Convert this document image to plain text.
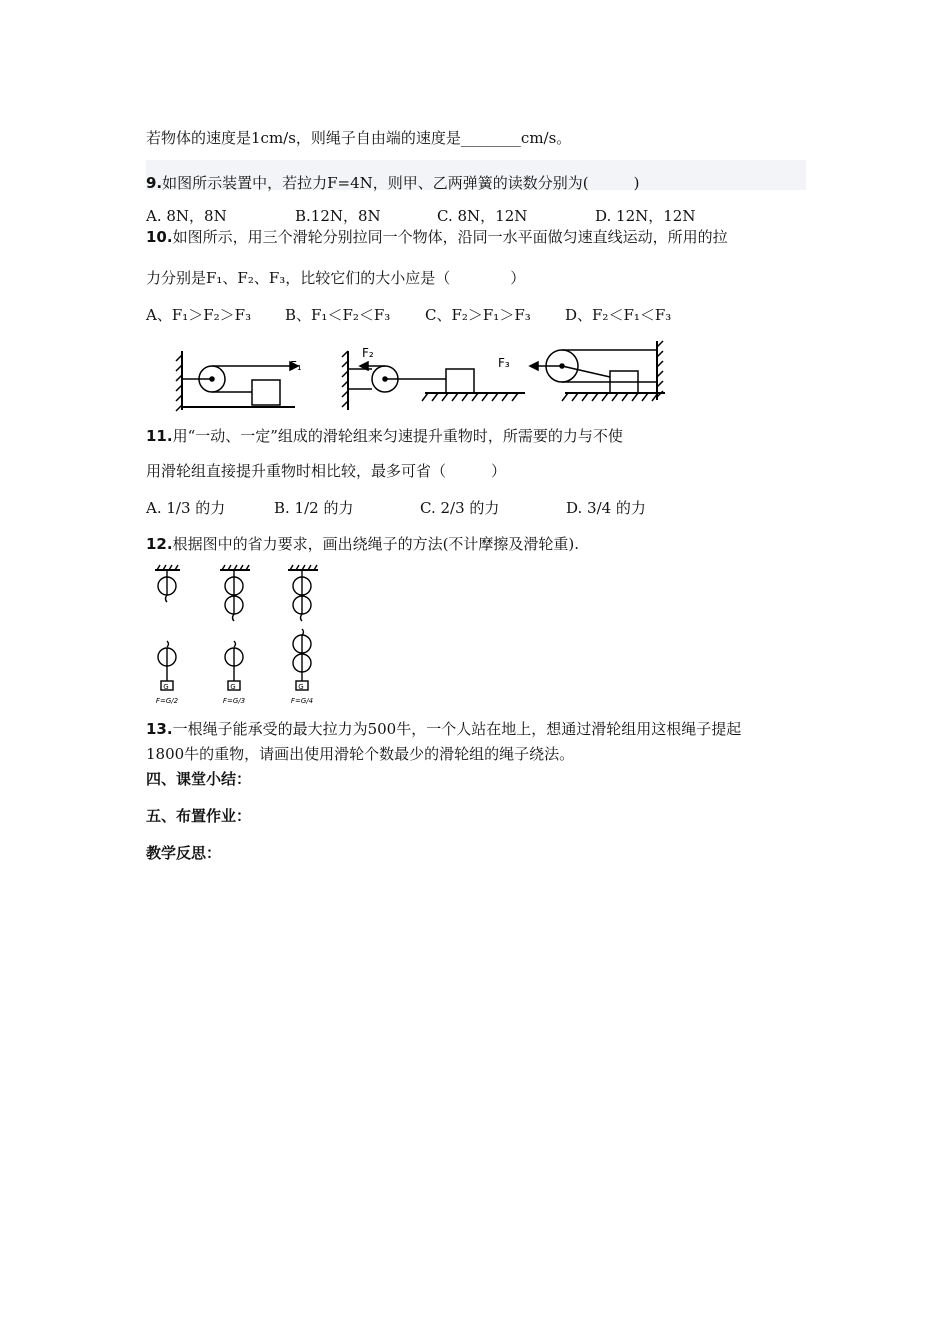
若物体的速度是1cm/s，则绳子自由端的速度是________cm/s。
9.如图所示装置中，若拉力F=4N，则甲、乙两弹簧的读数分别为(　　　)
A. 8N，8N	B.12N，8N	C. 8N，12N	D. 12N，12N
10.如图所示，用三个滑轮分别拉同一个物体，沿同一水平面做匀速直线运动，所用的拉
力分别是F₁、F₂、F₃，比较它们的大小应是（　　　　）
A、F₁＞F₂＞F₃ B、F₁＜F₂＜F₃ C、F₂＞F₁＞F₃ D、F₂＜F₁＜F₃
F₁
F₂
F₃
11.用“一动、一定”组成的滑轮组来匀速提升重物时，所需要的力与不使
用滑轮组直接提升重物时相比较，最多可省（　　　）
A. 1/3 的力	B. 1/2 的力	C. 2/3 的力	D. 3/4 的力
12.根据图中的省力要求，画出绕绳子的方法(不计摩擦及滑轮重).
G	G	G
F=G/2	F=G/3	F=G/4
13.一根绳子能承受的最大拉力为500牛，一个人站在地上，想通过滑轮组用这根绳子提起
1800牛的重物，请画出使用滑轮个数最少的滑轮组的绳子绕法。
四、课堂小结：
五、布置作业：
教学反思：
